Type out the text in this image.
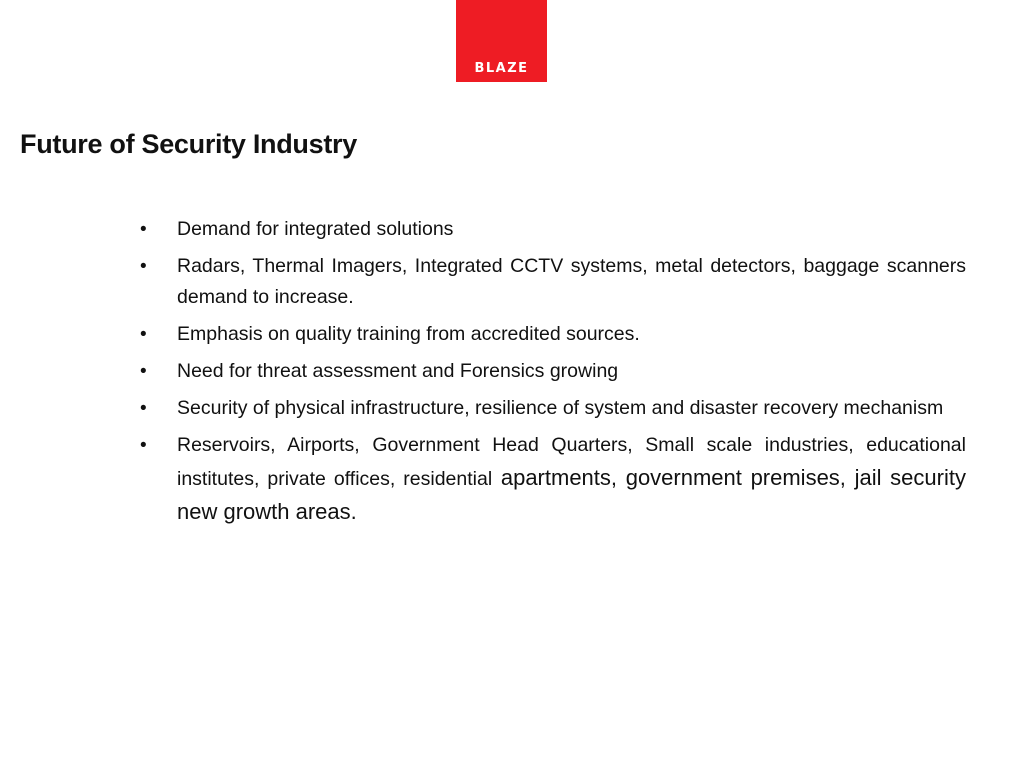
BLAZE
Future of Security Industry
• Demand for integrated solutions
• Radars, Thermal Imagers, Integrated CCTV systems, metal detectors, baggage scanners demand to increase.
• Emphasis on quality training from accredited sources.
• Need for threat assessment and Forensics growing
• Security of physical infrastructure, resilience of system and disaster recovery mechanism
• Reservoirs, Airports, Government Head Quarters, Small scale industries, educational institutes, private offices, residential apartments, government premises, jail security new growth areas.
